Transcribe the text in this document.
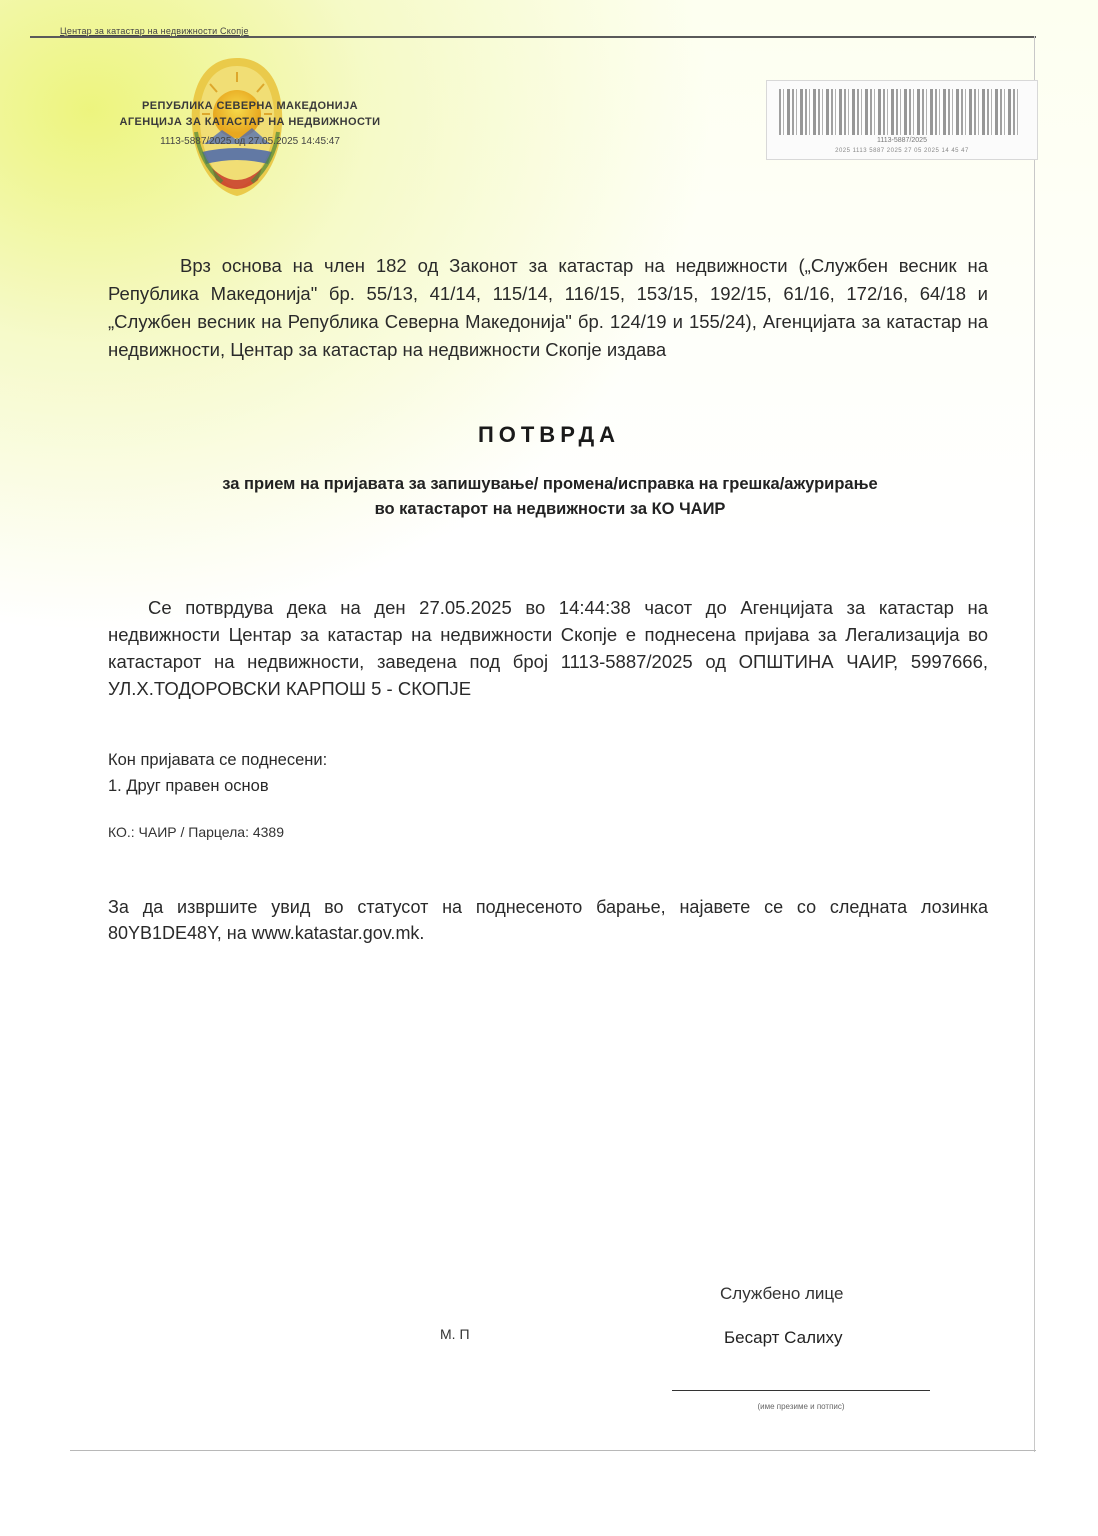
Центар за катастар на недвижности Скопје
РЕПУБЛИКА СЕВЕРНА МАКЕДОНИЈА
АГЕНЦИЈА ЗА КАТАСТАР НА НЕДВИЖНОСТИ
1113-5887/2025 од 27.05.2025 14:45:47	1113-5887/2025
2025 1113 5887 2025 27 05 2025 14 45 47
Врз основа на член 182 од Законот за катастар на недвижности („Службен весник на Република Македонија" бр. 55/13, 41/14, 115/14, 116/15, 153/15, 192/15, 61/16, 172/16, 64/18 и „Службен весник на Република Северна Македонија" бр. 124/19 и 155/24), Агенцијата за катастар на недвижности, Центар за катастар на недвижности Скопје издава
ПОТВРДА
за прием на пријавата за запишување/ промена/исправка на грешка/ажурирање
во катастарот на недвижности за КО ЧАИР
Се потврдува дека на ден 27.05.2025 во 14:44:38 часот до Агенцијата за катастар на недвижности Центар за катастар на недвижности Скопје е поднесена пријава за Легализација во катастарот на недвижности, заведена под број 1113-5887/2025 од ОПШТИНА ЧАИР, 5997666, УЛ.Х.ТОДОРОВСКИ КАРПОШ 5 - СКОПЈЕ
Кон пријавата се поднесени:
1. Друг правен основ
КО.: ЧАИР / Парцела: 4389
За да извршите увид во статусот на поднесеното барање, најавете се со следната лозинка 80YB1DE48Y, на www.katastar.gov.mk.
М. П
Службено лице
Бесарт Салиху
(име презиме и потпис)
